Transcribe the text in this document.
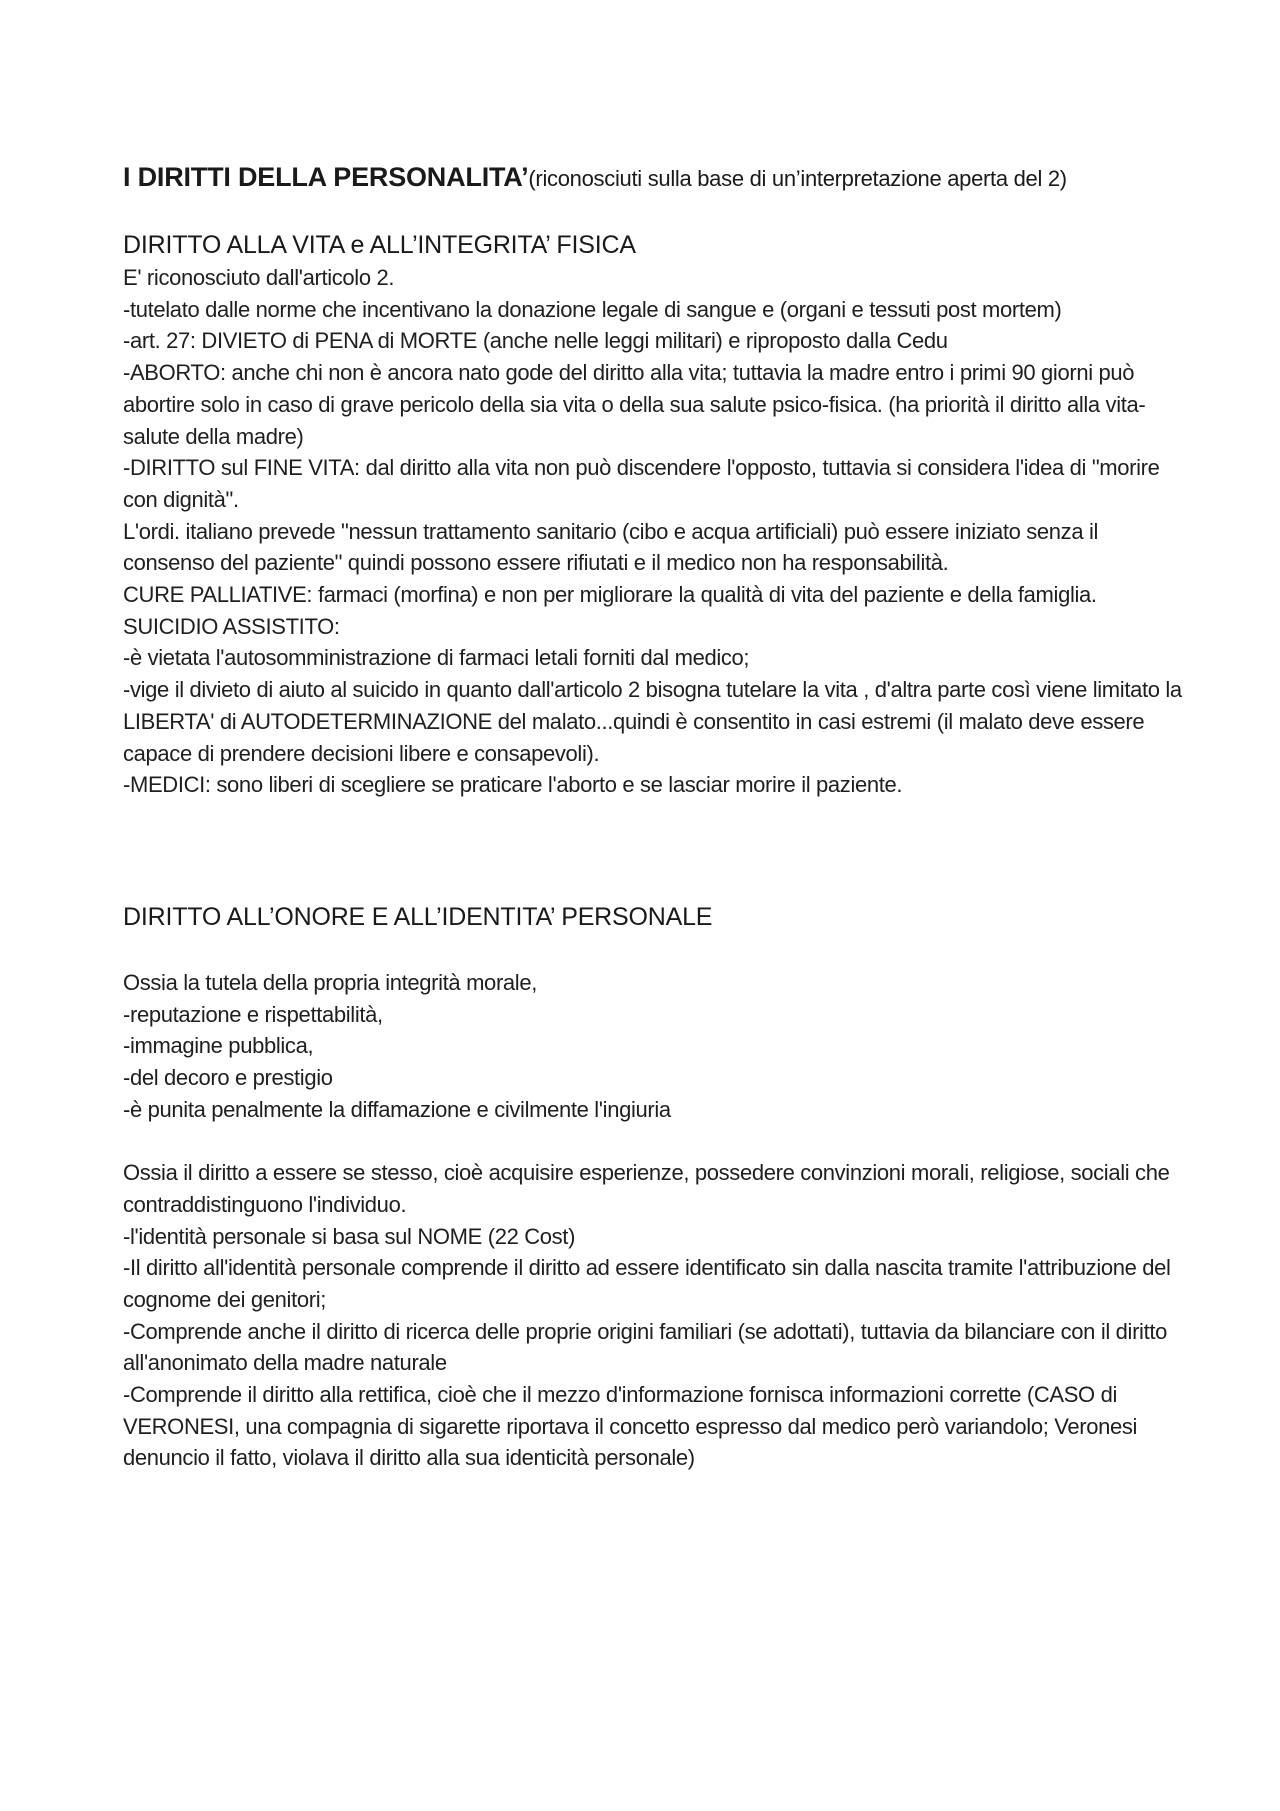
I DIRITTI DELLA PERSONALITA’(riconosciuti sulla base di un’interpretazione aperta del 2)

DIRITTO ALLA VITA e ALL’INTEGRITA’ FISICA

E' riconosciuto dall'articolo 2.

-tutelato dalle norme che incentivano la donazione legale di sangue e (organi e tessuti post mortem)

-art. 27: DIVIETO di PENA di MORTE (anche nelle leggi militari) e riproposto dalla Cedu

-ABORTO: anche chi non è ancora nato gode del diritto alla vita; tuttavia la madre entro i primi 90 giorni può abortire solo in caso di grave pericolo della sia vita o della sua salute psico-fisica. (ha priorità il diritto alla vita-salute della madre)

-DIRITTO sul FINE VITA: dal diritto alla vita non può discendere l'opposto, tuttavia si considera l'idea di "morire con dignità".

L'ordi. italiano prevede "nessun trattamento sanitario (cibo e acqua artificiali) può essere iniziato senza il consenso del paziente" quindi possono essere rifiutati e il medico non ha responsabilità.

CURE PALLIATIVE: farmaci (morfina) e non per migliorare la qualità di vita del paziente e della famiglia.

SUICIDIO ASSISTITO:

-è vietata l'autosomministrazione di farmaci letali forniti dal medico;

-vige il divieto di aiuto al suicido in quanto dall'articolo 2 bisogna tutelare la vita , d'altra parte così viene limitato la LIBERTA' di AUTODETERMINAZIONE del malato...quindi è consentito in casi estremi (il malato deve essere capace di prendere decisioni libere e consapevoli).

-MEDICI: sono liberi di scegliere se praticare l'aborto e se lasciar morire il paziente.

DIRITTO ALL’ONORE E ALL’IDENTITA’ PERSONALE

Ossia la tutela della propria integrità morale,

-reputazione e rispettabilità,

-immagine pubblica,

-del decoro e prestigio

-è punita penalmente la diffamazione e civilmente l'ingiuria

Ossia il diritto a essere se stesso, cioè acquisire esperienze, possedere convinzioni morali, religiose, sociali che contraddistinguono l'individuo.

-l'identità personale si basa sul NOME (22 Cost)

-Il diritto all'identità personale comprende il diritto ad essere identificato sin dalla nascita tramite l'attribuzione del cognome dei genitori;

-Comprende anche il diritto di ricerca delle proprie origini familiari (se adottati), tuttavia da bilanciare con il diritto all'anonimato della madre naturale

-Comprende il diritto alla rettifica, cioè che il mezzo d'informazione fornisca informazioni corrette (CASO di VERONESI, una compagnia di sigarette riportava il concetto espresso dal medico però variandolo; Veronesi denuncio il fatto, violava il diritto alla sua identicità personale)
